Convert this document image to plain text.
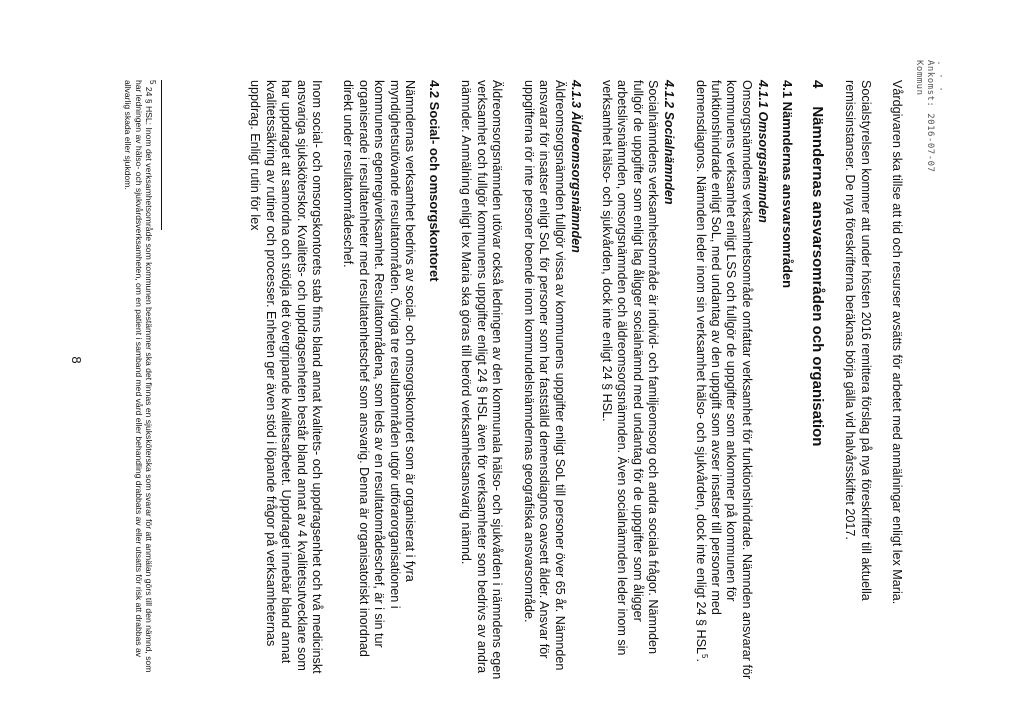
. · ·
Ankomst: 2016-07-07
Kommun

Vårdgivaren ska tillse att tid och resurser avsätts för arbetet med anmälningar enligt lex Maria.

Socialstyrelsen kommer att under hösten 2016 remittera förslag på nya föreskrifter till aktuella remissinstanser. De nya föreskrifterna beräknas börja gälla vid halvårsskiftet 2017.

4
Nämndernas ansvarsområden och organisation
4.1 Nämndernas ansvarsområden
4.1.1 Omsorgsnämnden

Omsorgsnämndens verksamhetsområde omfattar verksamhet för funktionshindrade. Nämnden ansvarar för kommunens verksamhet enligt LSS och fullgör de uppgifter som ankommer på kommunen för funktionshindrade enligt SoL, med undantag av den uppgift som avser insatser till personer med demensdiagnos. Nämnden leder inom sin verksamhet hälso- och sjukvården, dock inte enligt 24 § HSL$^5$.

4.1.2 Socialnämnden

Socialnämndens verksamhetsområde är individ- och familjeomsorg och andra sociala frågor. Nämnden fullgör de uppgifter som enligt lag åligger socialnämnd med undantag för de uppgifter som åligger arbetslivsnämnden, omsorgsnämnden och äldreomsorgsnämnden. Även socialnämnden leder inom sin verksamhet hälso- och sjukvården, dock inte enligt 24 § HSL.

4.1.3 Äldreomsorgsnämnden

Äldreomsorgsnämnden fullgör vissa av kommunens uppgifter enligt SoL till personer över 65 år. Nämnden ansvarar för insatser enligt SoL för personer som har fastställd demensdiagnos oavsett ålder. Ansvar för uppgifterna rör inte personer boende inom kommundelsnämndernas geografiska ansvarsområde.

Äldreomsorgsnämnden utövar också ledningen av den kommunala hälso- och sjukvården i nämndens egen verksamhet och fullgör kommunens uppgifter enligt 24 § HSL även för verksamheter som bedrivs av andra nämnder. Anmälning enligt lex Maria ska göras till berörd verksamhetsansvarig nämnd.

4.2 Social- och omsorgskontoret

Nämndernas verksamhet bedrivs av social- och omsorgskontoret som är organiserat i fyra myndighetsutövande resultatområden. Övriga tre resultatområden utgör utförarorganisationen i kommunens egenregiverksamhet. Resultatområdena, som leds av en resultatområdeschef, är i sin tur organiserade i resultatenheter med resultatenhetschef som ansvarig. Denna är organisatoriskt inordnad direkt under resultatområdeschef.

Inom social- och omsorgskontorets stab finns bland annat kvalitets- och uppdragsenhet och två medicinskt ansvariga sjuksköterskor. Kvalitets- och uppdragsenheten består bland annat av 4 kvalitetsutvecklare som har uppdraget att samordna och stödja det övergripande kvalitetsarbetet. Uppdraget innebär bland annat kvalitetssäkring av rutiner och processer. Enheten ger även stöd i löpande frågor på verksamheternas uppdrag. Enligt rutin för lex

$^5$ 24 § HSL: Inom det verksamhetsområde som kommunen bestämmer ska det finnas en sjuksköterska som svarar för att anmälan görs till den nämnd, som har ledningen av hälso- och sjukvårdsverksamheten, om en patient i samband med vård eller behandling drabbats av eller utsatts för risk att drabbas av allvarlig skada eller sjukdom.
8
